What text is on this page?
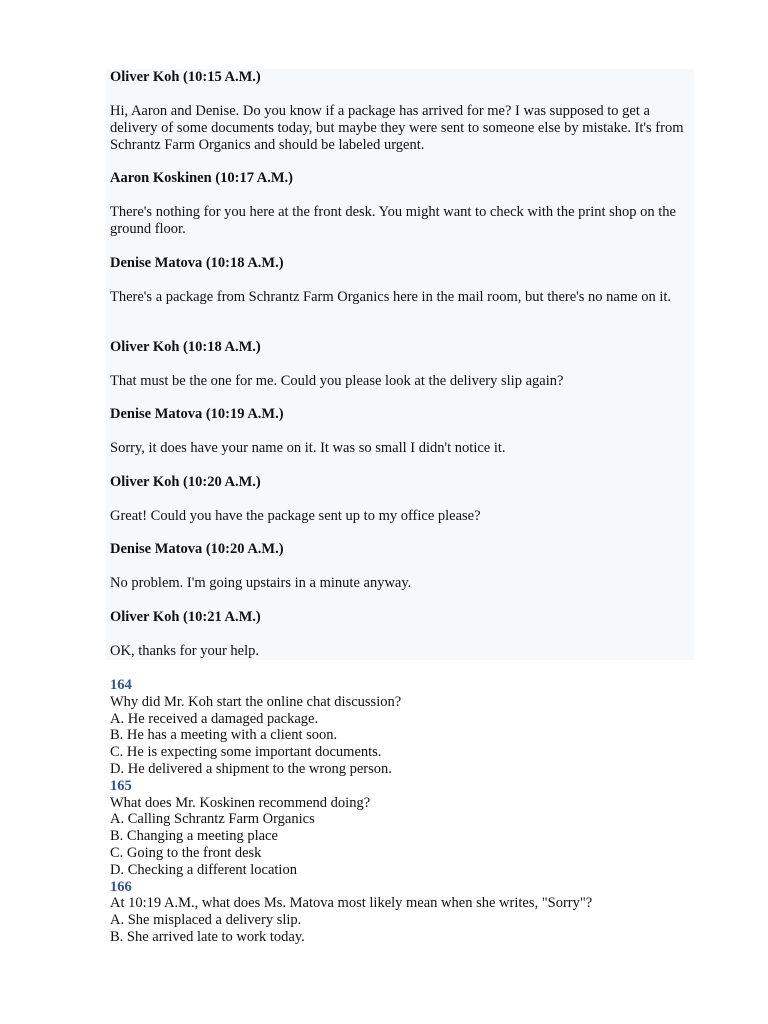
Oliver Koh (10:15 A.M.)

Hi, Aaron and Denise. Do you know if a package has arrived for me? I was supposed to get a delivery of some documents today, but maybe they were sent to someone else by mistake. It's from Schrantz Farm Organics and should be labeled urgent.

Aaron Koskinen (10:17 A.M.)

There's nothing for you here at the front desk. You might want to check with the print shop on the ground floor.

Denise Matova (10:18 A.M.)

There's a package from Schrantz Farm Organics here in the mail room, but there's no name on it.

Oliver Koh (10:18 A.M.)

That must be the one for me. Could you please look at the delivery slip again?

Denise Matova (10:19 A.M.)

Sorry, it does have your name on it. It was so small I didn't notice it.

Oliver Koh (10:20 A.M.)

Great! Could you have the package sent up to my office please?

Denise Matova (10:20 A.M.)

No problem. I'm going upstairs in a minute anyway.

Oliver Koh (10:21 A.M.)

OK, thanks for your help.

164
Why did Mr. Koh start the online chat discussion?
A. He received a damaged package.
B. He has a meeting with a client soon.
C. He is expecting some important documents.
D. He delivered a shipment to the wrong person.
165
What does Mr. Koskinen recommend doing?
A. Calling Schrantz Farm Organics
B. Changing a meeting place
C. Going to the front desk
D. Checking a different location
166
At 10:19 A.M., what does Ms. Matova most likely mean when she writes, "Sorry"?
A. She misplaced a delivery slip.
B. She arrived late to work today.
